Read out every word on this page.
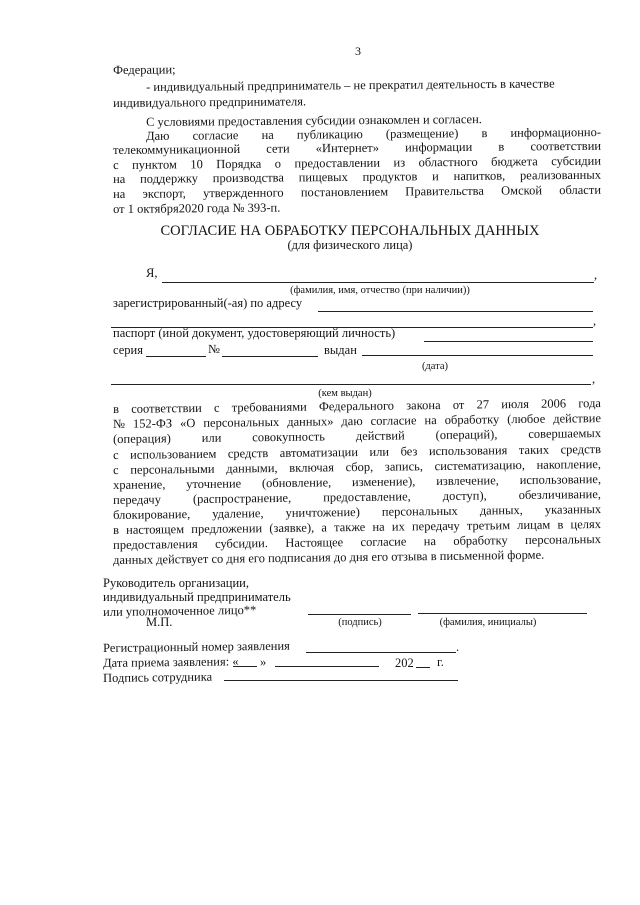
3
Федерации;
- индивидуальный предприниматель – не прекратил деятельность в качестве
индивидуального предпринимателя.
С условиями предоставления субсидии ознакомлен и согласен.
Даю согласие на публикацию (размещение) в информационно-
телекоммуникационной сети «Интернет» информации в соответствии
с пунктом 10 Порядка о предоставлении из областного бюджета субсидии
на поддержку производства пищевых продуктов и напитков, реализованных
на экспорт, утвержденного постановлением Правительства Омской области
от 1 октября2020 года № 393-п.
СОГЛАСИЕ НА ОБРАБОТКУ ПЕРСОНАЛЬНЫХ ДАННЫХ
(для физического лица)
Я,	,
(фамилия, имя, отчество (при наличии))
зарегистрированный(-ая) по адресу
,
паспорт (иной документ, удостоверяющий личность)
серия	№	выдан
(дата)
,
(кем выдан)
в соответствии с требованиями Федерального закона от 27 июля 2006 года
№ 152-ФЗ «О персональных данных» даю согласие на обработку (любое действие
(операция) или совокупность действий (операций), совершаемых
с использованием средств автоматизации или без использования таких средств
с персональными данными, включая сбор, запись, систематизацию, накопление,
хранение, уточнение (обновление, изменение), извлечение, использование,
передачу	(распространение,	предоставление,	доступ),	обезличивание,
блокирование, удаление, уничтожение) персональных данных, указанных
в настоящем предложении (заявке), а также на их передачу третьим лицам в целях
предоставления субсидии. Настоящее согласие на обработку персональных
данных действует со дня его подписания до дня его отзыва в письменной форме.
Руководитель организации,
индивидуальный предприниматель
или уполномоченное лицо**
М.П.	(подпись)	(фамилия, инициалы)
Регистрационный номер заявления	.
Дата приема заявления: « »	202 г.
Подпись сотрудника
